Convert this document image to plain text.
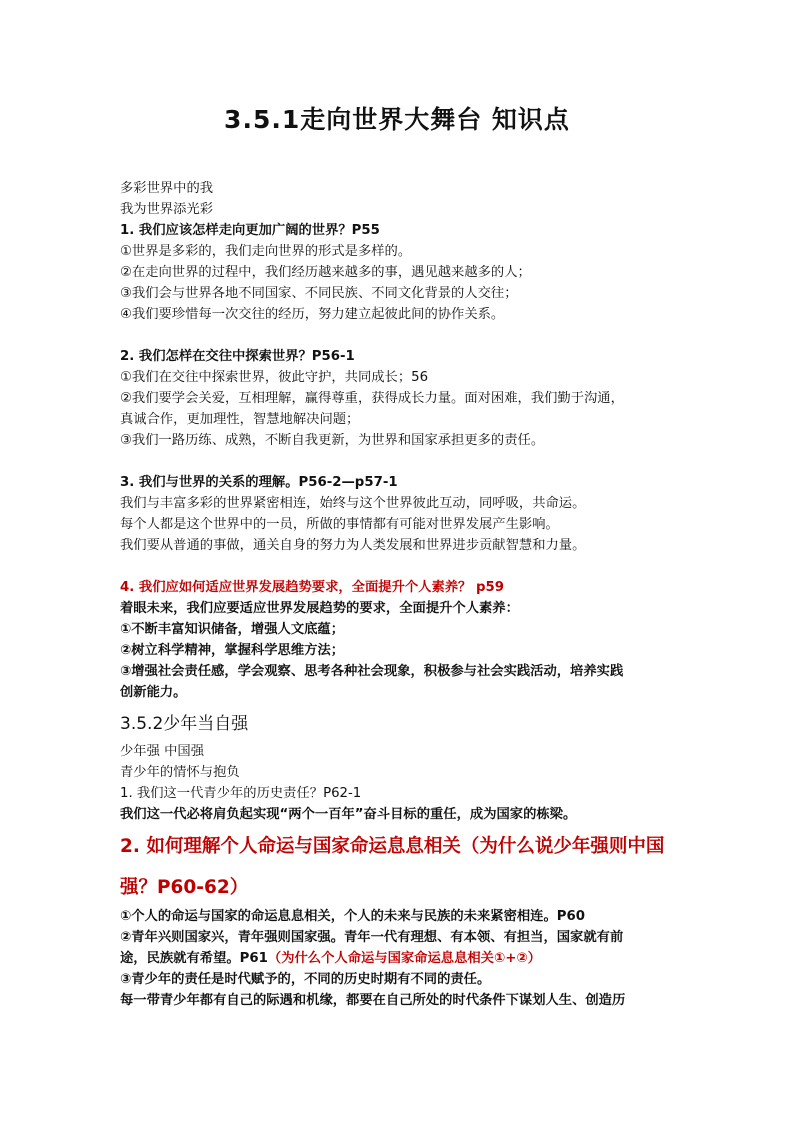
3.5.1走向世界大舞台 知识点
多彩世界中的我
我为世界添光彩
1. 我们应该怎样走向更加广阔的世界？P55
①世界是多彩的，我们走向世界的形式是多样的。
②在走向世界的过程中，我们经历越来越多的事，遇见越来越多的人；
③我们会与世界各地不同国家、不同民族、不同文化背景的人交往；
④我们要珍惜每一次交往的经历，努力建立起彼此间的协作关系。
2. 我们怎样在交往中探索世界？P56-1
①我们在交往中探索世界，彼此守护，共同成长；56
②我们要学会关爱，互相理解，赢得尊重，获得成长力量。面对困难，我们勤于沟通，
真诚合作，更加理性，智慧地解决问题；
③我们一路历练、成熟，不断自我更新，为世界和国家承担更多的责任。
3. 我们与世界的关系的理解。P56-2—p57-1
我们与丰富多彩的世界紧密相连，始终与这个世界彼此互动，同呼吸，共命运。
每个人都是这个世界中的一员，所做的事情都有可能对世界发展产生影响。
我们要从普通的事做，通关自身的努力为人类发展和世界进步贡献智慧和力量。
4. 我们应如何适应世界发展趋势要求，全面提升个人素养？ p59
着眼未来，我们应要适应世界发展趋势的要求，全面提升个人素养：
①不断丰富知识储备，增强人文底蕴；
②树立科学精神，掌握科学思维方法；
③增强社会责任感，学会观察、思考各种社会现象，积极参与社会实践活动，培养实践
创新能力。
3.5.2少年当自强
少年强 中国强
青少年的情怀与抱负
1. 我们这一代青少年的历史责任？P62-1
我们这一代必将肩负起实现“两个一百年”奋斗目标的重任，成为国家的栋梁。
2. 如何理解个人命运与国家命运息息相关（为什么说少年强则中国
强？P60-62）
①个人的命运与国家的命运息息相关，个人的未来与民族的未来紧密相连。P60
②青年兴则国家兴，青年强则国家强。青年一代有理想、有本领、有担当，国家就有前
途，民族就有希望。P61（为什么个人命运与国家命运息息相关①+②）
③青少年的责任是时代赋予的，不同的历史时期有不同的责任。
每一带青少年都有自己的际遇和机缘，都要在自己所处的时代条件下谋划人生、创造历
